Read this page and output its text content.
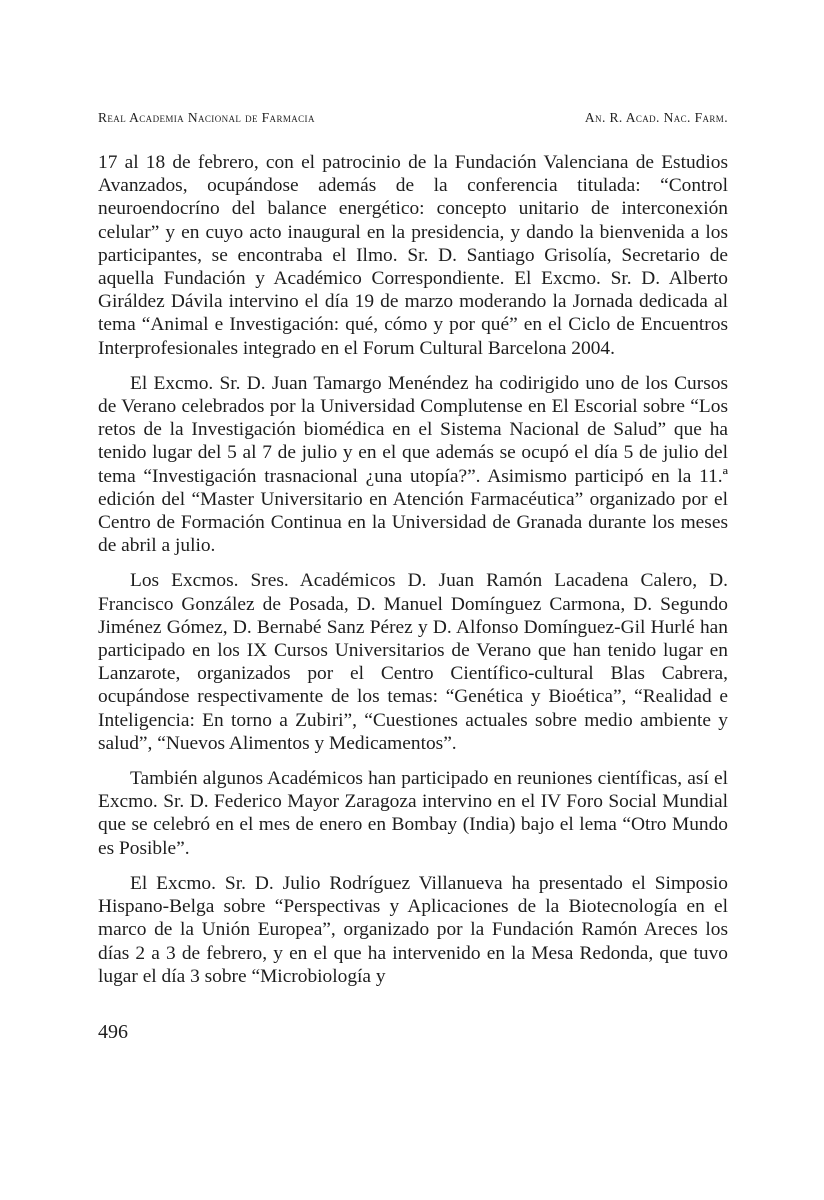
Real Academia Nacional de Farmacia	An. R. Acad. Nac. Farm.

17 al 18 de febrero, con el patrocinio de la Fundación Valenciana de Estudios Avanzados, ocupándose además de la conferencia titulada: “Control neuroendocríno del balance energético: concepto unitario de interconexión celular” y en cuyo acto inaugural en la presidencia, y dando la bienvenida a los participantes, se encontraba el Ilmo. Sr. D. Santiago Grisolía, Secretario de aquella Fundación y Académico Correspondiente. El Excmo. Sr. D. Alberto Giráldez Dávila intervino el día 19 de marzo moderando la Jornada dedicada al tema “Animal e Investigación: qué, cómo y por qué” en el Ciclo de Encuentros Interprofesionales integrado en el Forum Cultural Barcelona 2004.

El Excmo. Sr. D. Juan Tamargo Menéndez ha codirigido uno de los Cursos de Verano celebrados por la Universidad Complutense en El Escorial sobre “Los retos de la Investigación biomédica en el Sistema Nacional de Salud” que ha tenido lugar del 5 al 7 de julio y en el que además se ocupó el día 5 de julio del tema “Investigación trasnacional ¿una utopía?”. Asimismo participó en la 11.ª edición del “Master Universitario en Atención Farmacéutica” organizado por el Centro de Formación Continua en la Universidad de Granada durante los meses de abril a julio.

Los Excmos. Sres. Académicos D. Juan Ramón Lacadena Calero, D. Francisco González de Posada, D. Manuel Domínguez Carmona, D. Segundo Jiménez Gómez, D. Bernabé Sanz Pérez y D. Alfonso Domínguez-Gil Hurlé han participado en los IX Cursos Universitarios de Verano que han tenido lugar en Lanzarote, organizados por el Centro Científico-cultural Blas Cabrera, ocupándose respectivamente de los temas: “Genética y Bioética”, “Realidad e Inteligencia: En torno a Zubiri”, “Cuestiones actuales sobre medio ambiente y salud”, “Nuevos Alimentos y Medicamentos”.

También algunos Académicos han participado en reuniones científicas, así el Excmo. Sr. D. Federico Mayor Zaragoza intervino en el IV Foro Social Mundial que se celebró en el mes de enero en Bombay (India) bajo el lema “Otro Mundo es Posible”.

El Excmo. Sr. D. Julio Rodríguez Villanueva ha presentado el Simposio Hispano-Belga sobre “Perspectivas y Aplicaciones de la Biotecnología en el marco de la Unión Europea”, organizado por la Fundación Ramón Areces los días 2 a 3 de febrero, y en el que ha intervenido en la Mesa Redonda, que tuvo lugar el día 3 sobre “Microbiología y

496
